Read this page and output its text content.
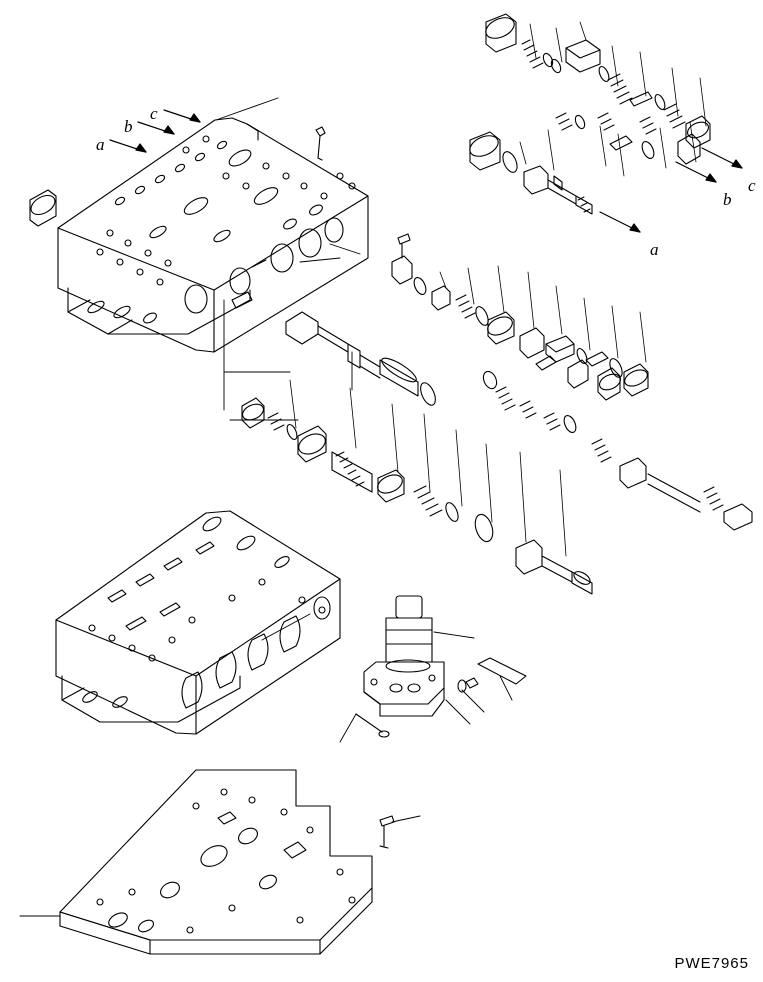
a
b
c
a
b
c
PWE7965
